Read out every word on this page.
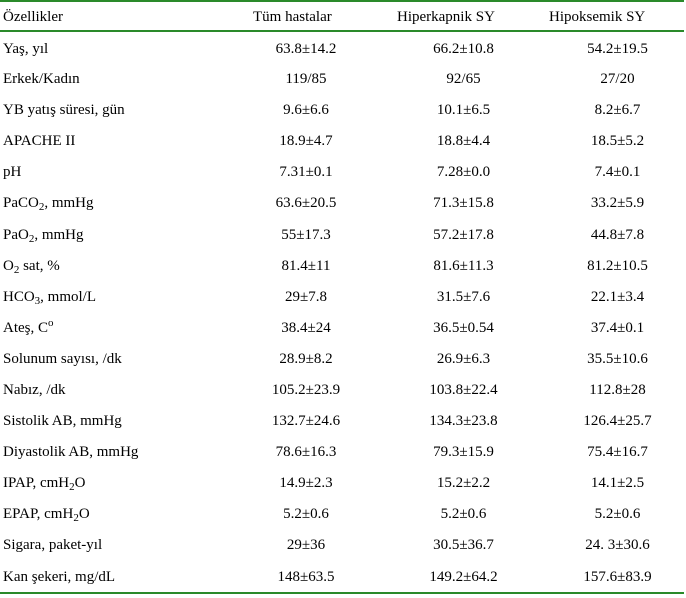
Özellikler	Tüm hastalar	Hiperkapnik SY	Hipoksemik SY
Yaş, yıl	63.8±14.2	66.2±10.8	54.2±19.5
Erkek/Kadın	119/85	92/65	27/20
YB yatış süresi, gün	9.6±6.6	10.1±6.5	8.2±6.7
APACHE II	18.9±4.7	18.8±4.4	18.5±5.2
pH	7.31±0.1	7.28±0.0	7.4±0.1
PaCO$_2$, mmHg	63.6±20.5	71.3±15.8	33.2±5.9
PaO$_2$, mmHg	55±17.3	57.2±17.8	44.8±7.8
$O_2$ sat, %	81.4±11	81.6±11.3	81.2±10.5
$HCO_3$, mmol/L	29±7.8	31.5±7.6	22.1±3.4
Ateş, $C^o$	38.4±24	36.5±0.54	37.4±0.1
Solunum sayısı, /dk	28.9±8.2	26.9±6.3	35.5±10.6
Nabız, /dk	105.2±23.9	103.8±22.4	112.8±28
Sistolik AB, mmHg	132.7±24.6	134.3±23.8	126.4±25.7
Diyastolik AB, mmHg	78.6±16.3	79.3±15.9	75.4±16.7
IPAP, cmH$_2$O	14.9±2.3	15.2±2.2	14.1±2.5
EPAP, cmH$_2$O	5.2±0.6	5.2±0.6	5.2±0.6
Sigara, paket-yıl	29±36	30.5±36.7	24. 3±30.6
Kan şekeri, mg/dL	148±63.5	149.2±64.2	157.6±83.9
